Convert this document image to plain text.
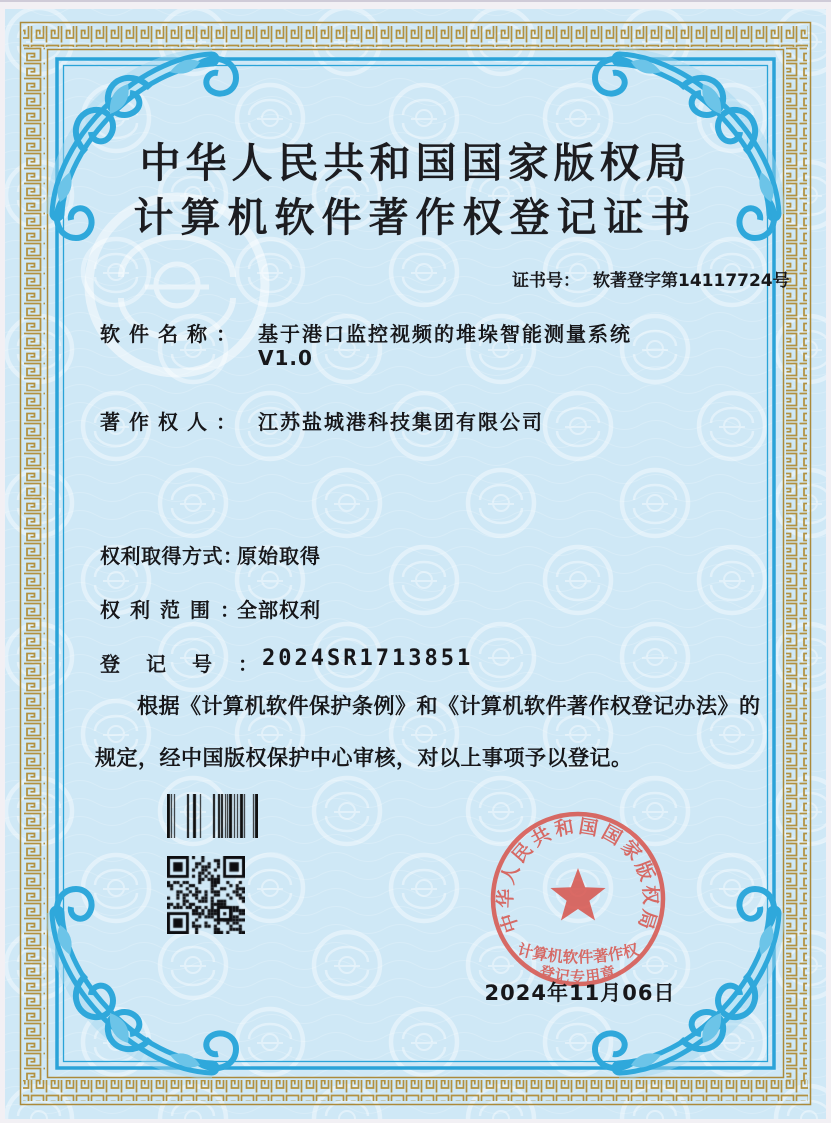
中华人民共和国国家版权局
计算机软件著作权登记证书
证书号： 软著登字第14117724号
软件名称： 基于港口监控视频的堆垛智能测量系统
V1.0
著作权人： 江苏盐城港科技集团有限公司
权利取得方式：
原始取得
权利范围：
全部权利
登记号：
2024SR1713851
根据《计算机软件保护条例》和《计算机软件著作权登记办法》的
规定，经中国版权保护中心审核，对以上事项予以登记。
中华人民共和国国家版权局
计算机软件著作权
登记专用章
2024年11月06日
